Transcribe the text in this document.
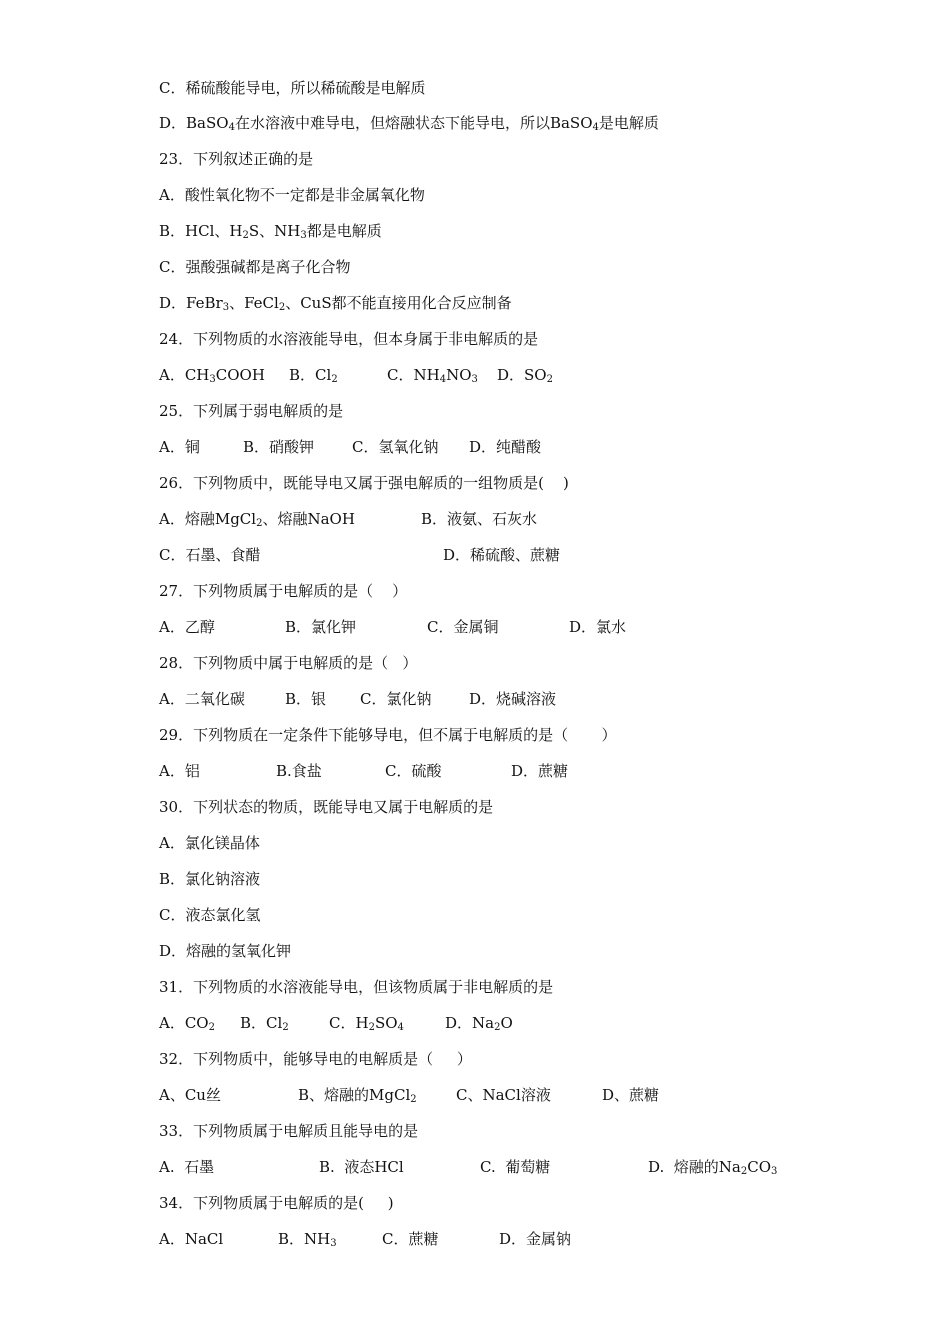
C．稀硫酸能导电，所以稀硫酸是电解质
D．BaSO$_4$在水溶液中难导电，但熔融状态下能导电，所以BaSO$_4$是电解质
23．下列叙述正确的是
A．酸性氧化物不一定都是非金属氧化物
B．HCl、$H_2S$、$NH_3$都是电解质
C．强酸强碱都是离子化合物
D．FeBr$_3$、FeCl$_2$、CuS都不能直接用化合反应制备
24．下列物质的水溶液能导电，但本身属于非电解质的是
A．$CH_3COOH$ B．$Cl_2$	C．$NH_4NO_3$ D．$SO_2$
25．下列属于弱电解质的是
A．铜	B．硝酸钾	C．氢氧化钠 D．纯醋酸
26．下列物质中，既能导电又属于强电解质的一组物质是(    )
A．熔融MgCl$_2$、熔融NaOH	B．液氨、石灰水
C．石墨、食醋	D．稀硫酸、蔗糖
27．下列物质属于电解质的是（    ）
A．乙醇	B．氯化钾	C．金属铜	D．氯水
28．下列物质中属于电解质的是（   ）
A．二氧化碳	B．银 C．氯化钠	D．烧碱溶液
29．下列物质在一定条件下能够导电，但不属于电解质的是（       ）
A．铝	B.食盐	C．硫酸	D．蔗糖
30．下列状态的物质，既能导电又属于电解质的是
A．氯化镁晶体
B．氯化钠溶液
C．液态氯化氢
D．熔融的氢氧化钾
31．下列物质的水溶液能导电，但该物质属于非电解质的是
A．$CO_2$ B．$Cl_2$	C．$H_2SO_4$	D．$Na_2O$
32．下列物质中，能够导电的电解质是（     ）
A、Cu丝	B、熔融的MgCl$_2$	C、NaCl溶液	D、蔗糖
33．下列物质属于电解质且能导电的是
A.  石墨	B.  液态HCl	C.  葡萄糖	D.  熔融的$Na_2CO_3$
34．下列物质属于电解质的是(     )
A．NaCl	B．$NH_3$	C．蔗糖	D．金属钠
